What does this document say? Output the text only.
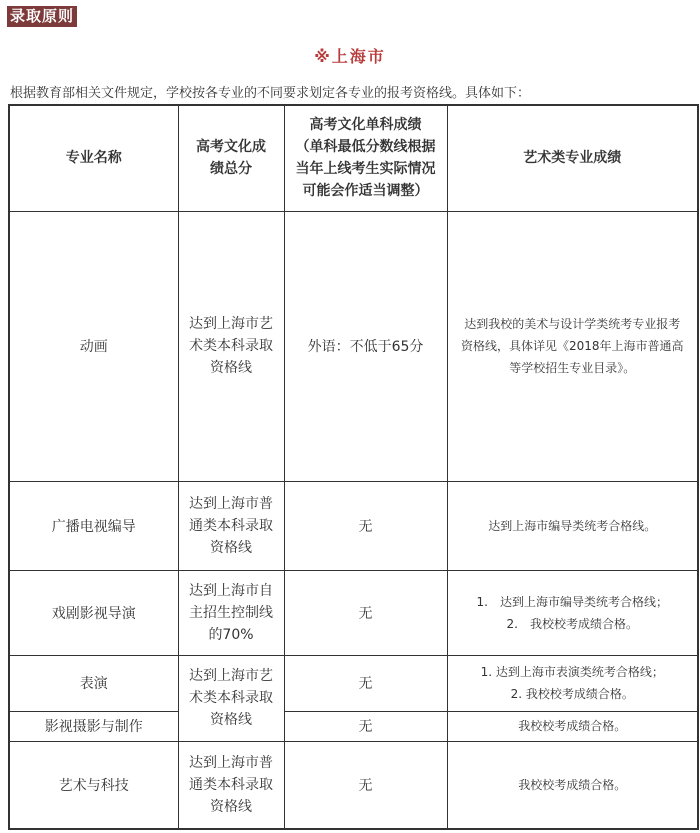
录取原则
※上海市
根据教育部相关文件规定，学校按各专业的不同要求划定各专业的报考资格线。具体如下：
专业名称	高考文化成
绩总分	高考文化单科成绩
（单科最低分数线根据
当年上线考生实际情况
可能会作适当调整）	艺术类专业成绩
动画	达到上海市艺
术类本科录取
资格线	外语：不低于65分	达到我校的美术与设计学类统考专业报考
资格线，具体详见《2018年上海市普通高
等学校招生专业目录》。

广播电视编导	达到上海市普
通类本科录取
资格线	无	达到上海市编导类统考合格线。

戏剧影视导演	达到上海市自
主招生控制线
的70%	无	1.　达到上海市编导类统考合格线；
2.　我校校考成绩合格。

表演	达到上海市艺
术类本科录取
资格线	无	1. 达到上海市表演类统考合格线；
2. 我校校考成绩合格。

影视摄影与制作		无	我校校考成绩合格。

艺术与科技	达到上海市普
通类本科录取
资格线	无	我校校考成绩合格。
